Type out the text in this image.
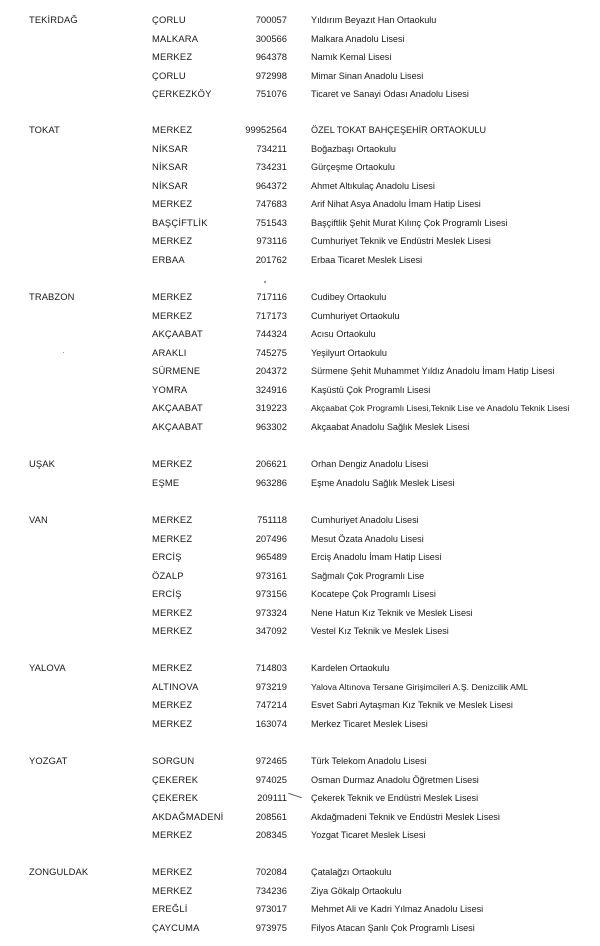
TEKİRDAĞ	ÇORLU	700057	Yıldırım Beyazıt Han Ortaokulu
MALKARA	300566	Malkara Anadolu Lisesi
MERKEZ	964378	Namık Kemal Lisesi
ÇORLU	972998	Mimar Sinan Anadolu Lisesi
ÇERKEZKÖY	751076	Ticaret ve Sanayi Odası Anadolu Lisesi
TOKAT	MERKEZ	99952564	ÖZEL TOKAT BAHÇEŞEHİR ORTAOKULU
NİKSAR	734211	Boğazbaşı Ortaokulu
NİKSAR	734231	Gürçeşme Ortaokulu
NİKSAR	964372	Ahmet Altıkulaç Anadolu Lisesi
MERKEZ	747683	Arif Nihat Asya Anadolu İmam Hatip Lisesi
BAŞÇİFTLİK	751543	Başçiftlik Şehit Murat Kılınç Çok Programlı Lisesi
MERKEZ	973116	Cumhuriyet Teknik ve Endüstri Meslek Lisesi
ERBAA	201762	Erbaa Ticaret Meslek Lisesi
TRABZON	MERKEZ	717116	Cudibey Ortaokulu
MERKEZ	717173	Cumhuriyet Ortaokulu
AKÇAABAT	744324	Acısu Ortaokulu
ARAKLI	745275	Yeşilyurt Ortaokulu
SÜRMENE	204372	Sürmene Şehit Muhammet Yıldız Anadolu İmam Hatip Lisesi
YOMRA	324916	Kaşüstü Çok Programlı Lisesi
AKÇAABAT	319223	Akçaabat Çok Programlı Lisesi,Teknik Lise ve Anadolu Teknik Lisesi
AKÇAABAT	963302	Akçaabat Anadolu Sağlık Meslek Lisesi
UŞAK	MERKEZ	206621	Orhan Dengiz Anadolu Lisesi
EŞME	963286	Eşme Anadolu Sağlık Meslek Lisesi
VAN	MERKEZ	751118	Cumhuriyet Anadolu Lisesi
MERKEZ	207496	Mesut Özata Anadolu Lisesi
ERCİŞ	965489	Erciş Anadolu İmam Hatip Lisesi
ÖZALP	973161	Sağmalı Çok Programlı Lise
ERCİŞ	973156	Kocatepe Çok Programlı Lisesi
MERKEZ	973324	Nene Hatun Kız Teknik ve Meslek Lisesi
MERKEZ	347092	Vestel Kız Teknik ve Meslek Lisesi
YALOVA	MERKEZ	714803	Kardelen Ortaokulu
ALTINOVA	973219	Yalova Altınova Tersane Girişimcileri A.Ş. Denizcilik AML
MERKEZ	747214	Esvet Sabri Aytaşman Kız Teknik ve Meslek Lisesi
MERKEZ	163074	Merkez Ticaret Meslek Lisesi
YOZGAT	SORGUN	972465	Türk Telekom Anadolu Lisesi
ÇEKEREK	974025	Osman Durmaz Anadolu Öğretmen Lisesi
ÇEKEREK	209111	Çekerek Teknik ve Endüstri Meslek Lisesi
AKDAĞMADENİ	208561	Akdağmadeni Teknik ve Endüstri Meslek Lisesi
MERKEZ	208345	Yozgat Ticaret Meslek Lisesi
ZONGULDAK	MERKEZ	702084	Çatalağzı Ortaokulu
MERKEZ	734236	Ziya Gökalp Ortaokulu
EREĞLİ	973017	Mehmet Ali ve Kadri Yılmaz Anadolu Lisesi
ÇAYCUMA	973975	Filyos Atacan Şanlı Çok Programlı Lisesi
